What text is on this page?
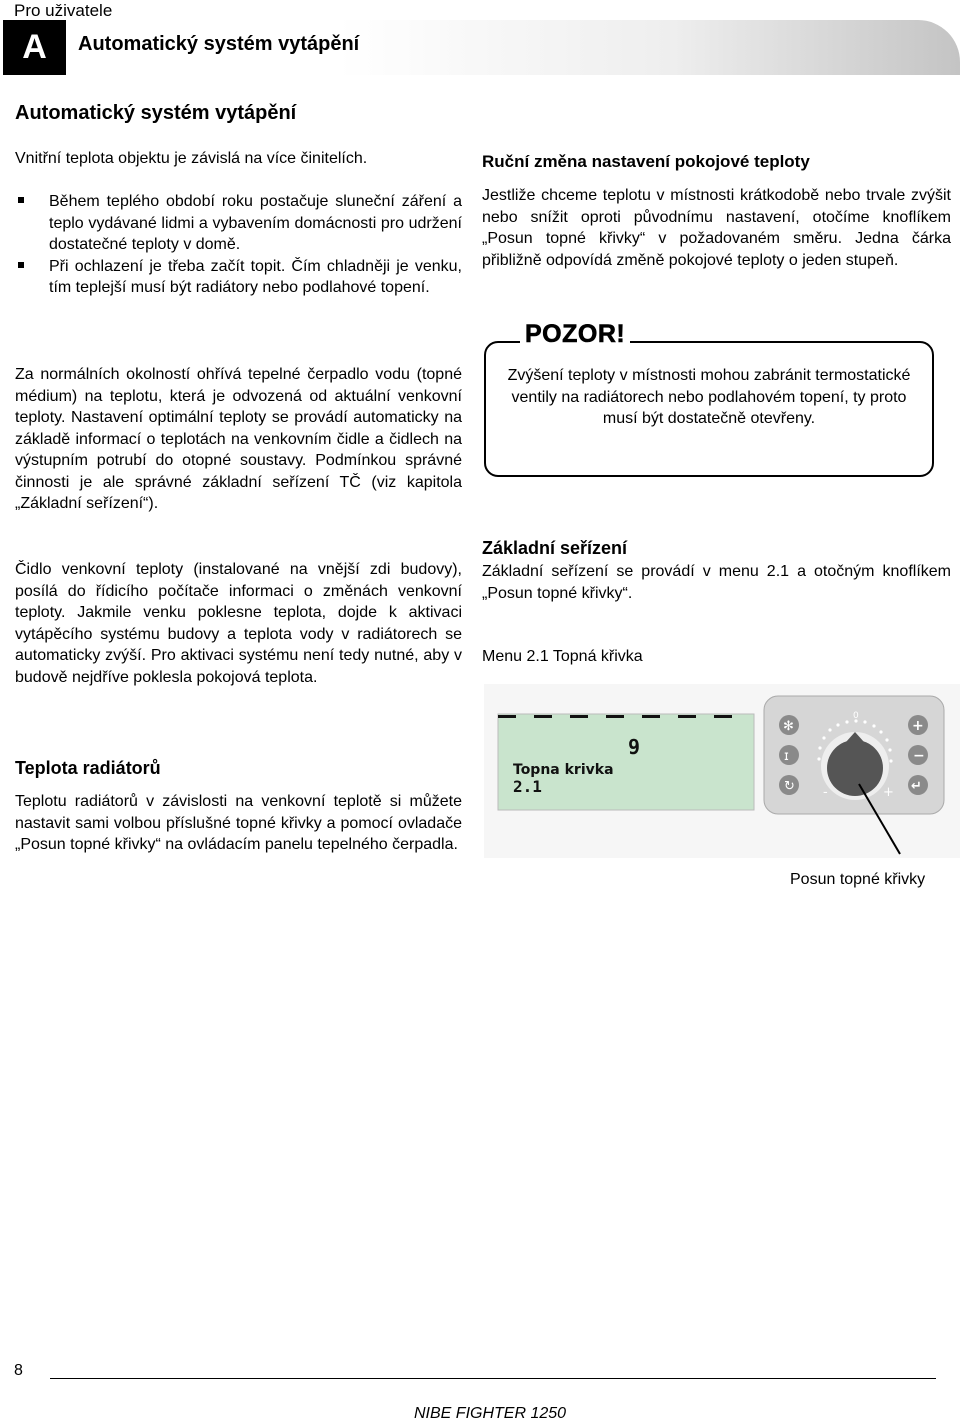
Pro uživatele
A	Automatický systém vytápění
Automatický systém vytápění
Vnitřní teplota objektu je závislá na více činitelích.
Během teplého období roku postačuje sluneční záření a teplo vydávané lidmi a vybavením domácnosti pro udržení dostatečné teploty v domě.
Při ochlazení je třeba začít topit. Čím chladněji je venku, tím teplejší musí být radiátory nebo podlahové topení.
Za normálních okolností ohřívá tepelné čerpadlo vodu (topné médium) na teplotu, která je odvozená od aktuální venkovní teploty. Nastavení optimální teploty se provádí automaticky na základě informací o teplotách na venkovním čidle a čidlech na výstupním potrubí do otopné soustavy. Podmínkou správné činnosti je ale správné základní seřízení TČ (viz kapitola „Základní seřízení“).
Čidlo venkovní teploty (instalované na vnější zdi budovy), posílá do řídicího počítače informaci o změnách venkovní teploty. Jakmile venku poklesne teplota, dojde k aktivaci vytápěcího systému budovy a teplota vody v radiátorech se automaticky zvýší. Pro aktivaci systému není tedy nutné, aby v budově nejdříve poklesla pokojová teplota.
Teplota radiátorů
Teplotu radiátorů v závislosti na venkovní teplotě si můžete nastavit sami volbou příslušné topné křivky a pomocí ovladače „Posun topné křivky“ na ovládacím panelu tepelného čerpadla.
Ruční změna nastavení pokojové teploty
Jestliže chceme teplotu v místnosti krátkodobě nebo trvale zvýšit nebo snížit oproti původnímu nastavení, otočíme knoflíkem „Posun topné křivky“ v požadovaném směru. Jedna čárka přibližně odpovídá změně pokojové teploty o jeden stupeň.
POZOR!
Zvýšení teploty v místnosti mohou zabránit termostatické ventily na radiátorech nebo podlahovém topení, ty proto musí být dostatečně otevřeny.
Základní seřízení
Základní seřízení se provádí v menu 2.1 a otočným knoflíkem „Posun topné křivky“.
Menu 2.1 Topná křivka
✻
ɪ
↻
+
−
↵
0
-	+
9
Topna krivka
2.1
Posun topné křivky
8
NIBE FIGHTER 1250
